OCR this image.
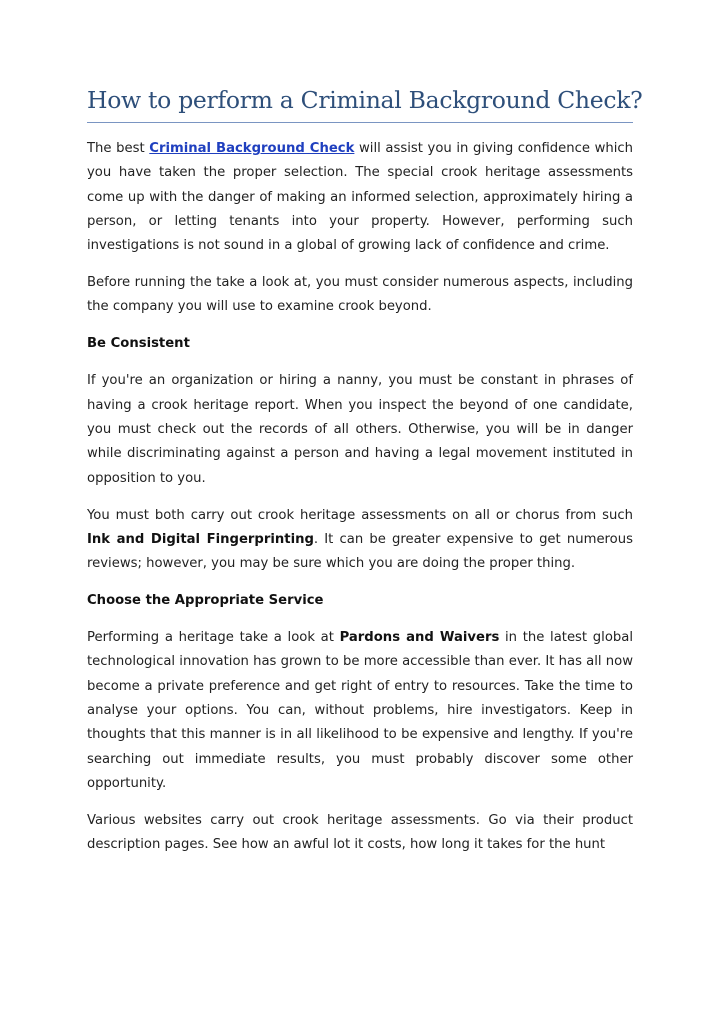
How to perform a Criminal Background Check?

The best Criminal Background Check will assist you in giving confidence which you have taken the proper selection. The special crook heritage assessments come up with the danger of making an informed selection, approximately hiring a person, or letting tenants into your property. However, performing such investigations is not sound in a global of growing lack of confidence and crime.

Before running the take a look at, you must consider numerous aspects, including the company you will use to examine crook beyond.

Be Consistent

If you're an organization or hiring a nanny, you must be constant in phrases of having a crook heritage report. When you inspect the beyond of one candidate, you must check out the records of all others. Otherwise, you will be in danger while discriminating against a person and having a legal movement instituted in opposition to you.

You must both carry out crook heritage assessments on all or chorus from such Ink and Digital Fingerprinting. It can be greater expensive to get numerous reviews; however, you may be sure which you are doing the proper thing.

Choose the Appropriate Service

Performing a heritage take a look at Pardons and Waivers in the latest global technological innovation has grown to be more accessible than ever. It has all now become a private preference and get right of entry to resources. Take the time to analyse your options. You can, without problems, hire investigators. Keep in thoughts that this manner is in all likelihood to be expensive and lengthy. If you're searching out immediate results, you must probably discover some other opportunity.

Various websites carry out crook heritage assessments. Go via their product description pages. See how an awful lot it costs, how long it takes for the hunt
